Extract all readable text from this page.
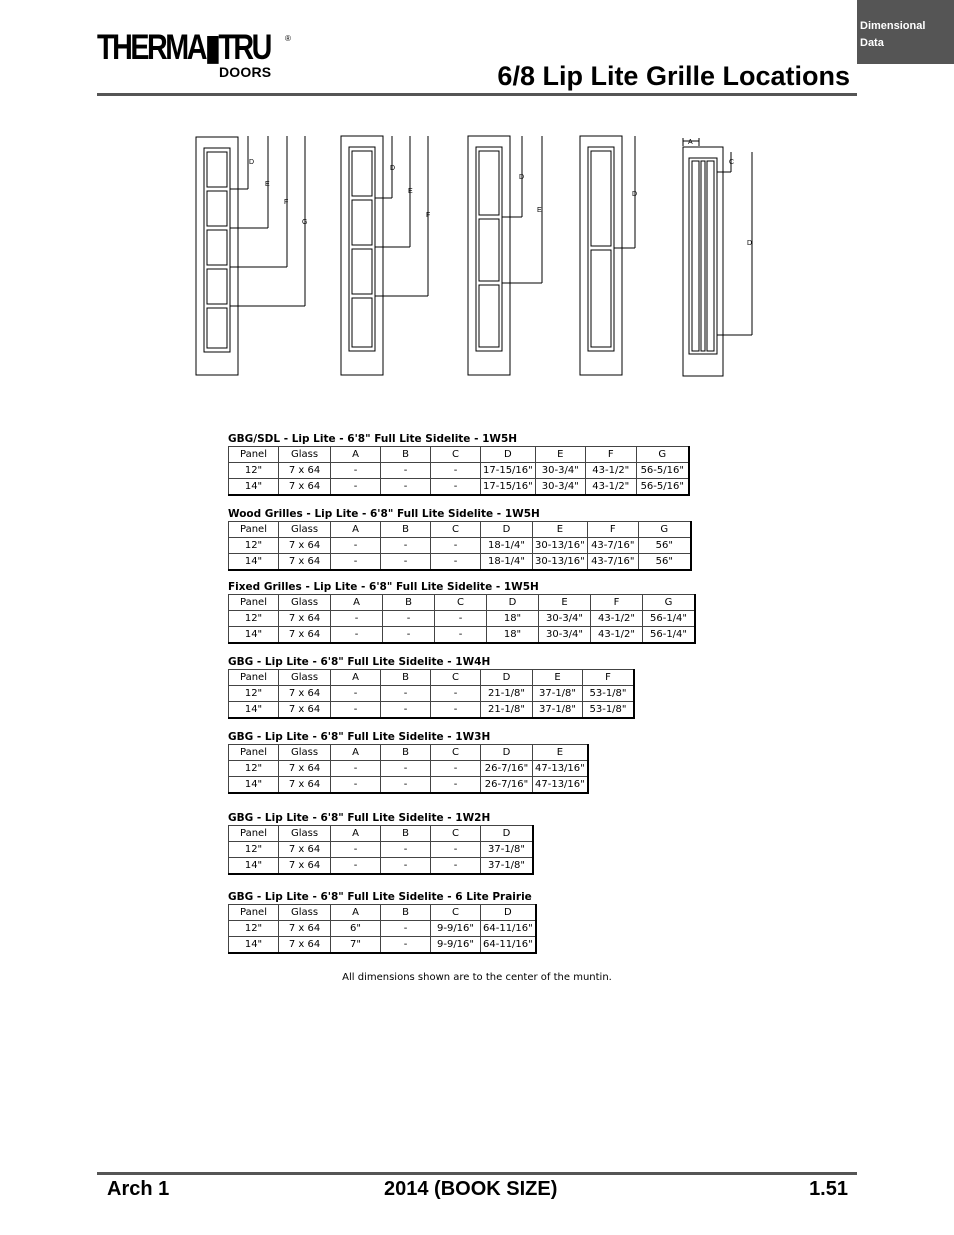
Dimensional
Data
THERMA▮TRU ®
DOORS	6/8 Lip Lite Grille Locations
D
E
F
G
D
E
F
D
E
D
A
C
D
GBG/SDL - Lip Lite - 6'8" Full Lite Sidelite - 1W5H
Panel	Glass	A	B	C	D	E	F	G
12"	7 x 64	-	-	-	17-15/16"	30-3/4"	43-1/2"	56-5/16"
14"	7 x 64	-	-	-	17-15/16"	30-3/4"	43-1/2"	56-5/16"
Wood Grilles - Lip Lite - 6'8" Full Lite Sidelite - 1W5H
Panel	Glass	A	B	C	D	E	F	G
12"	7 x 64	-	-	-	18-1/4"	30-13/16"	43-7/16"	56"
14"	7 x 64	-	-	-	18-1/4"	30-13/16"	43-7/16"	56"
Fixed Grilles - Lip Lite - 6'8" Full Lite Sidelite - 1W5H
Panel	Glass	A	B	C	D	E	F	G
12"	7 x 64	-	-	-	18"	30-3/4"	43-1/2"	56-1/4"
14"	7 x 64	-	-	-	18"	30-3/4"	43-1/2"	56-1/4"
GBG - Lip Lite - 6'8" Full Lite Sidelite - 1W4H
Panel	Glass	A	B	C	D	E	F
12"	7 x 64	-	-	-	21-1/8"	37-1/8"	53-1/8"
14"	7 x 64	-	-	-	21-1/8"	37-1/8"	53-1/8"
GBG - Lip Lite - 6'8" Full Lite Sidelite - 1W3H
Panel	Glass	A	B	C	D	E
12"	7 x 64	-	-	-	26-7/16"	47-13/16"
14"	7 x 64	-	-	-	26-7/16"	47-13/16"
GBG - Lip Lite - 6'8" Full Lite Sidelite - 1W2H
Panel	Glass	A	B	C	D
12"	7 x 64	-	-	-	37-1/8"
14"	7 x 64	-	-	-	37-1/8"
GBG - Lip Lite - 6'8" Full Lite Sidelite - 6 Lite Prairie
Panel	Glass	A	B	C	D
12"	7 x 64	6"	-	9-9/16"	64-11/16"
14"	7 x 64	7"	-	9-9/16"	64-11/16"
All dimensions shown are to the center of the muntin.
Arch 1	2014 (BOOK SIZE)	1.51
